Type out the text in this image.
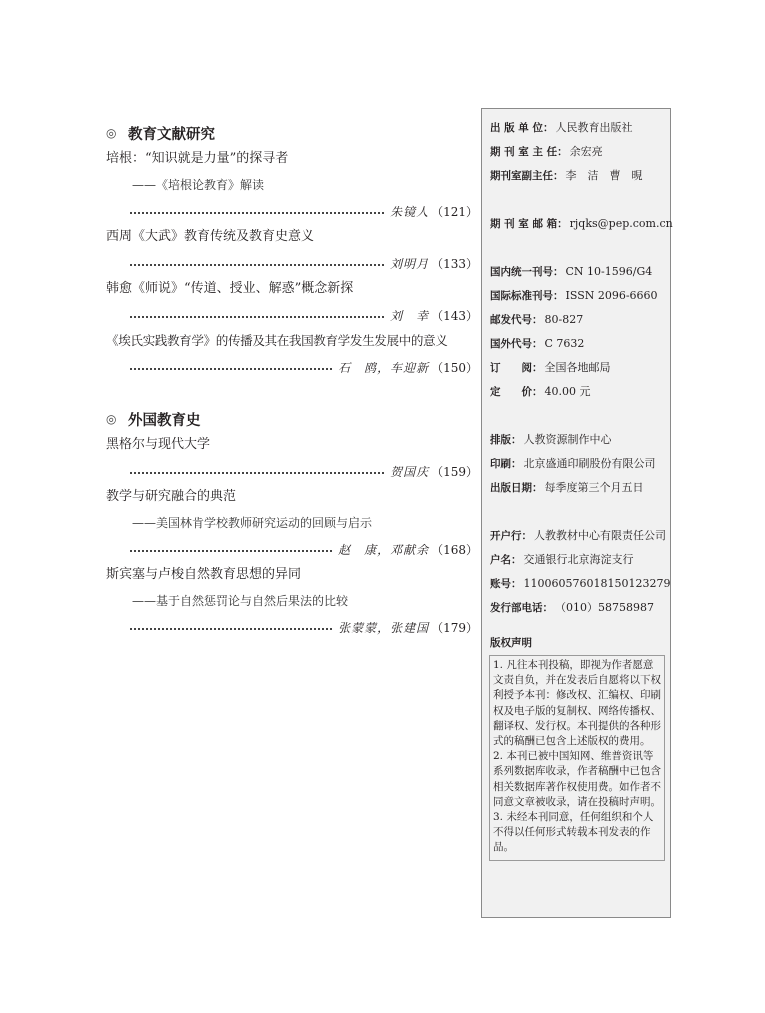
◎ 教育文献研究
培根：“知识就是力量”的探寻者
——《培根论教育》解读
朱镜人 （121）
西周《大武》教育传统及教育史意义
刘明月 （133）
韩愈《师说》“传道、授业、解惑”概念新探
刘　幸 （143）
《埃氏实践教育学》的传播及其在我国教育学发生发展中的意义
石　鸥，车迎新 （150）
◎ 外国教育史
黑格尔与现代大学
贺国庆 （159）
教学与研究融合的典范
——美国林肯学校教师研究运动的回顾与启示
赵　康，邓献余 （168）
斯宾塞与卢梭自然教育思想的异同
——基于自然惩罚论与自然后果法的比较
张蒙蒙，张建国 （179）
出 版 单 位： 人民教育出版社
期 刊 室 主 任： 余宏亮
期刊室副主任： 李　洁　曹　晛
期 刊 室 邮 箱： rjqks@pep.com.cn
国内统一刊号： CN 10-1596/G4
国际标准刊号： ISSN 2096-6660
邮发代号： 80-827
国外代号： C 7632
订　　阅： 全国各地邮局
定　　价： 40.00 元
排版： 人教资源制作中心
印刷： 北京盛通印刷股份有限公司
出版日期： 每季度第三个月五日
开户行： 人教教材中心有限责任公司
户名： 交通银行北京海淀支行
账号： 110060576018150123279
发行部电话： （010）58758987
版权声明

1. 凡往本刊投稿，即视为作者愿意文责自负，并在发表后自愿将以下权利授予本刊：修改权、汇编权、印刷权及电子版的复制权、网络传播权、翻译权、发行权。本刊提供的各种形式的稿酬已包含上述版权的费用。

2. 本刊已被中国知网、维普资讯等系列数据库收录，作者稿酬中已包含相关数据库著作权使用费。如作者不同意文章被收录，请在投稿时声明。

3. 未经本刊同意，任何组织和个人不得以任何形式转载本刊发表的作品。
